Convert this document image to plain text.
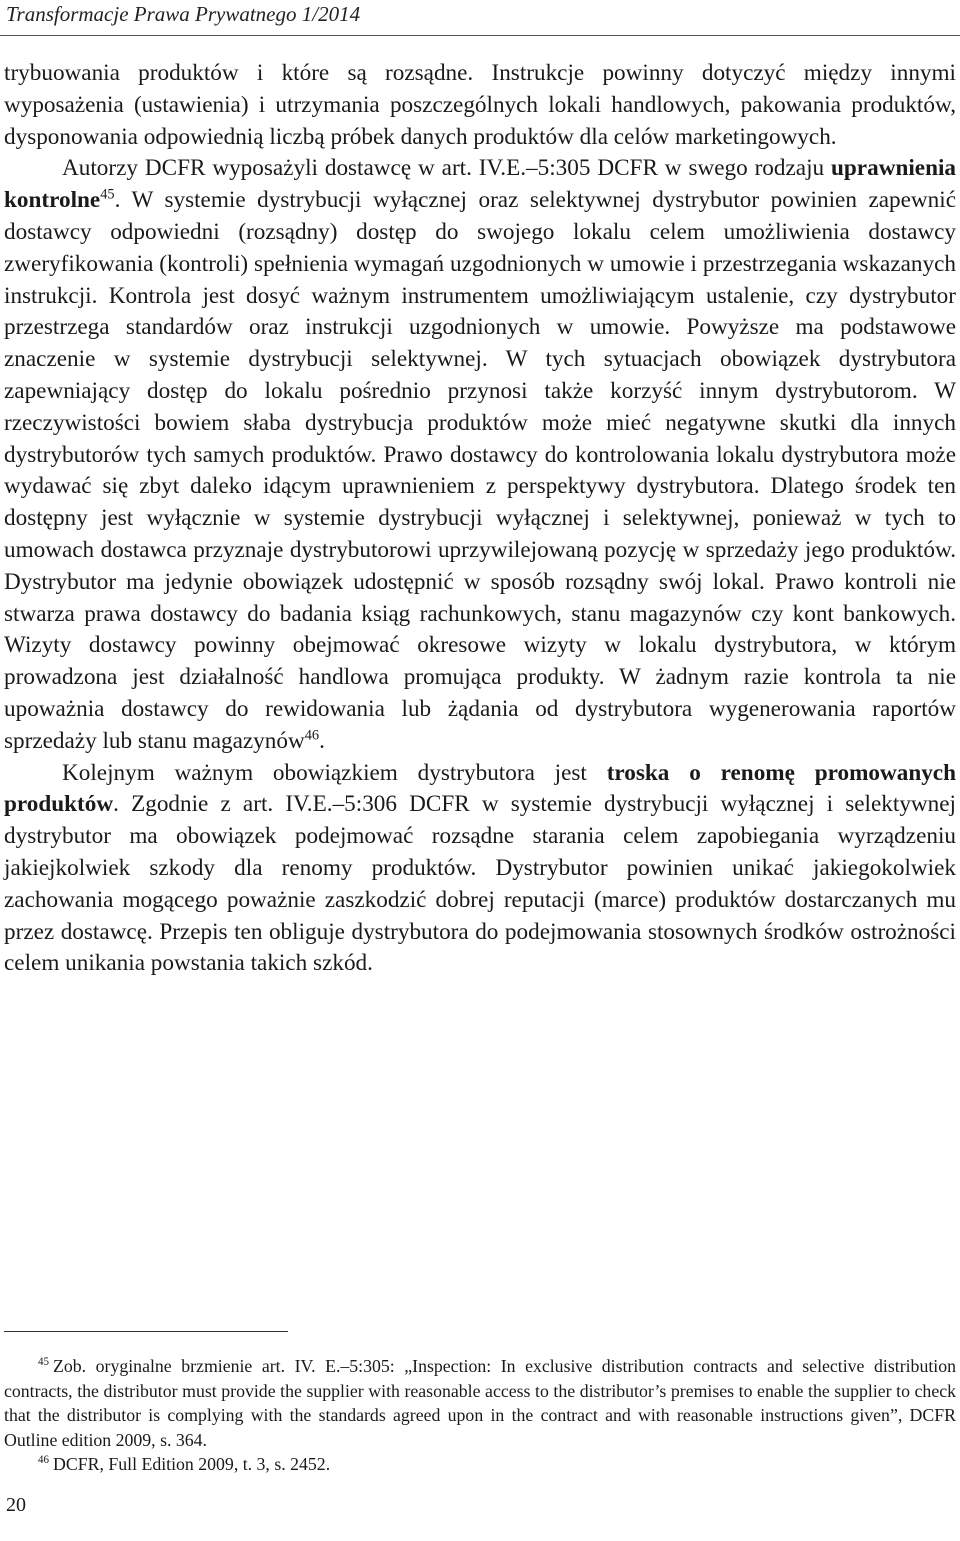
Transformacje Prawa Prywatnego 1/2014

trybuowania produktów i które są rozsądne. Instrukcje powinny dotyczyć między innymi wyposażenia (ustawienia) i utrzymania poszczególnych lokali handlowych, pakowania produktów, dysponowania odpowiednią liczbą próbek danych produktów dla celów marketingowych.

Autorzy DCFR wyposażyli dostawcę w art. IV.E.–5:305 DCFR w swego rodzaju uprawnienia kontrolne$^{45}$. W systemie dystrybucji wyłącznej oraz selektywnej dystrybutor powinien zapewnić dostawcy odpowiedni (rozsądny) dostęp do swojego lokalu celem umożliwienia dostawcy zweryfikowania (kontroli) spełnienia wymagań uzgodnionych w umowie i przestrzegania wskazanych instrukcji. Kontrola jest dosyć ważnym instrumentem umożliwiającym ustalenie, czy dystrybutor przestrzega standardów oraz instrukcji uzgodnionych w umowie. Powyższe ma podstawowe znaczenie w systemie dystrybucji selektywnej. W tych sytuacjach obowiązek dystrybutora zapewniający dostęp do lokalu pośrednio przynosi także korzyść innym dystrybutorom. W rzeczywistości bowiem słaba dystrybucja produktów może mieć negatywne skutki dla innych dystrybutorów tych samych produktów. Prawo dostawcy do kontrolowania lokalu dystrybutora może wydawać się zbyt daleko idącym uprawnieniem z perspektywy dystrybutora. Dlatego środek ten dostępny jest wyłącznie w systemie dystrybucji wyłącznej i selektywnej, ponieważ w tych to umowach dostawca przyznaje dystrybutorowi uprzywilejowaną pozycję w sprzedaży jego produktów. Dystrybutor ma jedynie obowiązek udostępnić w sposób rozsądny swój lokal. Prawo kontroli nie stwarza prawa dostawcy do badania ksiąg rachunkowych, stanu magazynów czy kont bankowych. Wizyty dostawcy powinny obejmować okresowe wizyty w lokalu dystrybutora, w którym prowadzona jest działalność handlowa promująca produkty. W żadnym razie kontrola ta nie upoważnia dostawcy do rewidowania lub żądania od dystrybutora wygenerowania raportów sprzedaży lub stanu magazynów$^{46}$.

Kolejnym ważnym obowiązkiem dystrybutora jest troska o renomę promowanych produktów. Zgodnie z art. IV.E.–5:306 DCFR w systemie dystrybucji wyłącznej i selektywnej dystrybutor ma obowiązek podejmować rozsądne starania celem zapobiegania wyrządzeniu jakiejkolwiek szkody dla renomy produktów. Dystrybutor powinien unikać jakiegokolwiek zachowania mogącego poważnie zaszkodzić dobrej reputacji (marce) produktów dostarczanych mu przez dostawcę. Przepis ten obliguje dystrybutora do podejmowania stosownych środków ostrożności celem unikania powstania takich szkód.

$^{45}$ Zob. oryginalne brzmienie art. IV. E.–5:305: „Inspection: In exclusive distribution contracts and selective distribution contracts, the distributor must provide the supplier with reasonable access to the distributor’s premises to enable the supplier to check that the distributor is complying with the standards agreed upon in the contract and with reasonable instructions given”, DCFR Outline edition 2009, s. 364.

$^{46}$ DCFR, Full Edition 2009, t. 3, s. 2452.

20
